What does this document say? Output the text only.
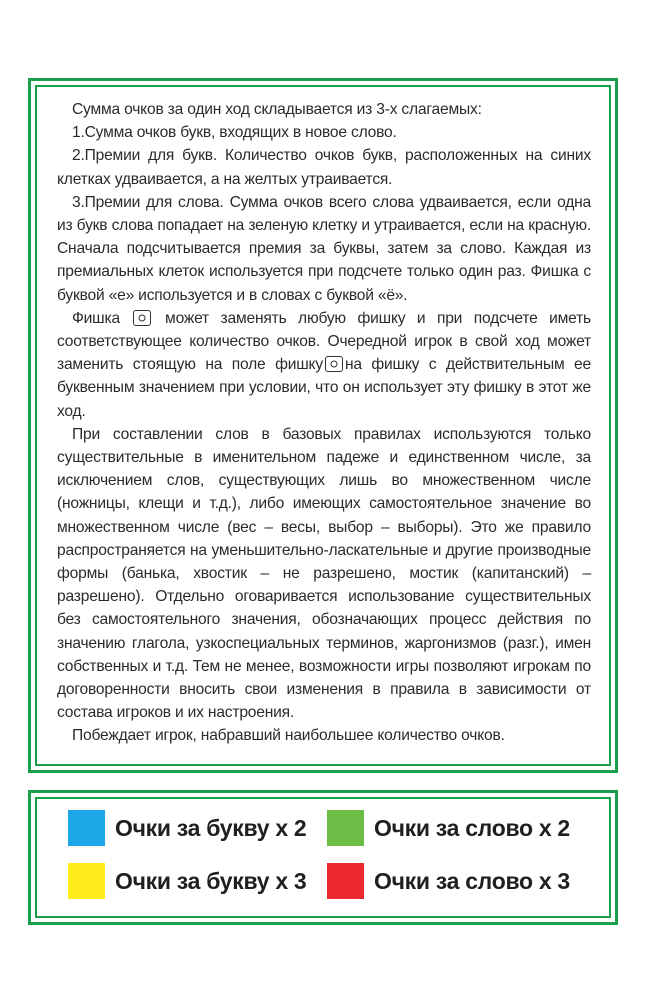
Сумма очков за один ход складывается из 3-х слагаемых:

1.Сумма очков букв, входящих в новое слово.

2.Премии для букв. Количество очков букв, расположенных на синих клетках удваивается, а на желтых утраивается.

3.Премии для слова. Сумма очков всего слова удваивается, если одна из букв слова попадает на зеленую клетку и утраивается, если на красную. Сначала подсчитывается премия за буквы, затем за слово. Каждая из премиальных клеток используется при подсчете только один раз. Фишка с буквой «е» используется и в словах с буквой «ё».

Фишка	может заменять любую фишку и при подсчете иметь соответствующее количество очков. Очередной игрок в свой ход может заменить стоящую на поле фишку на фишку с действительным ее буквенным значением при условии, что он использует эту фишку в этот же ход.

При составлении слов в базовых правилах используются только существительные в именительном падеже и единственном числе, за исключением слов, существующих лишь во множественном числе (ножницы, клещи и т.д.), либо имеющих самостоятельное значение во множественном числе (вес – весы, выбор – выборы). Это же правило распространяется на уменьшительно-ласкательные и другие производные формы (банька, хвостик – не разрешено, мостик (капитанский) – разрешено). Отдельно оговаривается использование существительных без самостоятельного значения, обозначающих процесс действия по значению глагола, узкоспециальных терминов, жаргонизмов (разг.), имен собственных и т.д. Тем не менее, возможности игры позволяют игрокам по договоренности вносить свои изменения в правила в зависимости от состава игроков и их настроения.

Побеждает игрок, набравший наибольшее количество очков.

Очки за букву х 2	Очки за слово х 2
Очки за букву х 3	Очки за слово х 3
